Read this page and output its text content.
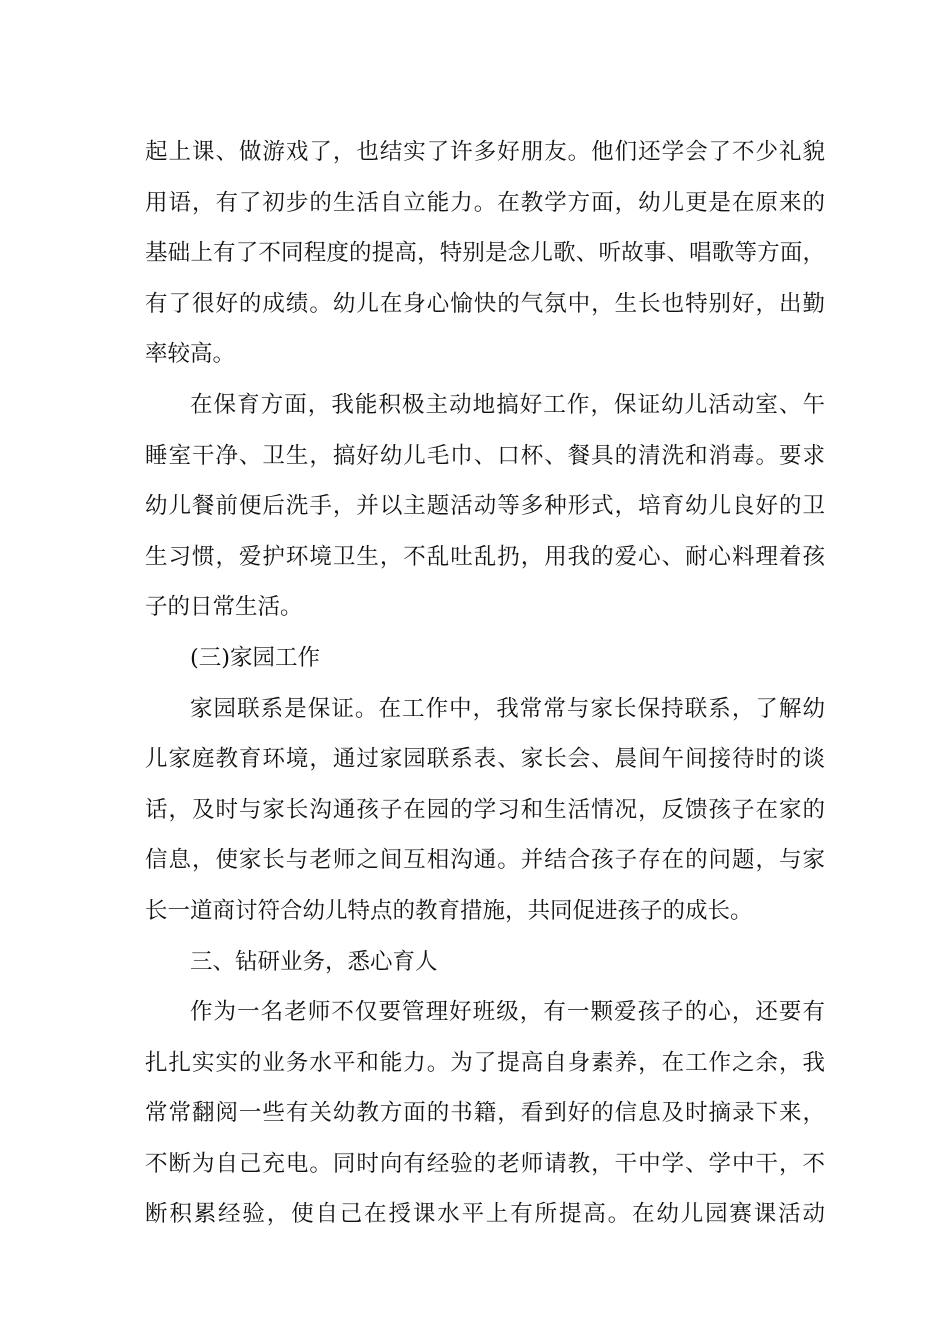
起上课、做游戏了，也结实了许多好朋友。他们还学会了不少礼貌
用语，有了初步的生活自立能力。在教学方面，幼儿更是在原来的
基础上有了不同程度的提高，特别是念儿歌、听故事、唱歌等方面，
有了很好的成绩。幼儿在身心愉快的气氛中，生长也特别好，出勤
率较高。
在保育方面，我能积极主动地搞好工作，保证幼儿活动室、午
睡室干净、卫生，搞好幼儿毛巾、口杯、餐具的清洗和消毒。要求
幼儿餐前便后洗手，并以主题活动等多种形式，培育幼儿良好的卫
生习惯，爱护环境卫生，不乱吐乱扔，用我的爱心、耐心料理着孩
子的日常生活。
(三)家园工作
家园联系是保证。在工作中，我常常与家长保持联系，了解幼
儿家庭教育环境，通过家园联系表、家长会、晨间午间接待时的谈
话，及时与家长沟通孩子在园的学习和生活情况，反馈孩子在家的
信息，使家长与老师之间互相沟通。并结合孩子存在的问题，与家
长一道商讨符合幼儿特点的教育措施，共同促进孩子的成长。
三、钻研业务，悉心育人
作为一名老师不仅要管理好班级，有一颗爱孩子的心，还要有
扎扎实实的业务水平和能力。为了提高自身素养，在工作之余，我
常常翻阅一些有关幼教方面的书籍，看到好的信息及时摘录下来，
不断为自己充电。同时向有经验的老师请教，干中学、学中干，不
断积累经验，使自己在授课水平上有所提高。在幼儿园赛课活动
